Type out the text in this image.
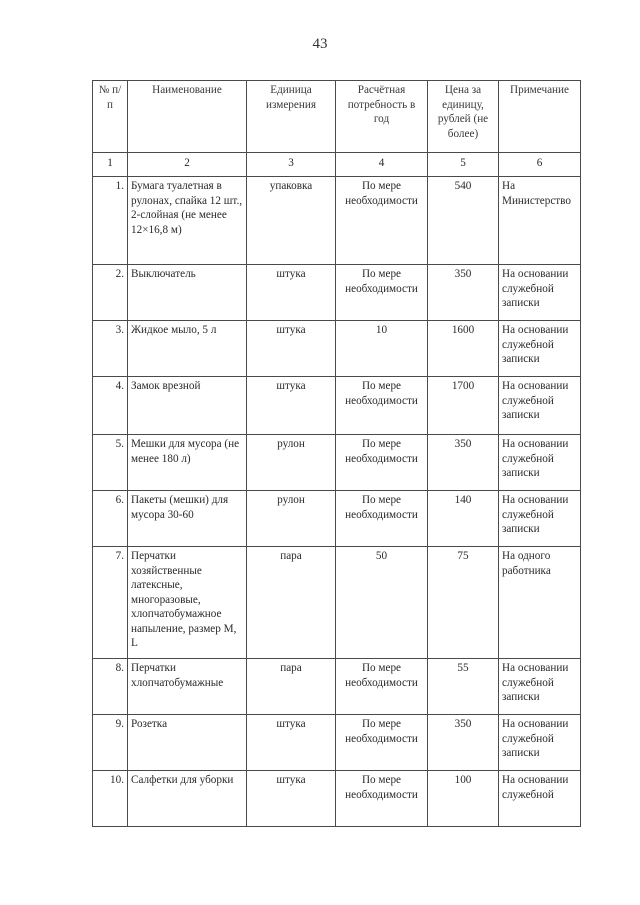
43
№ п/п	Наименование	Единица измерения	Расчётная потребность в год	Цена за единицу, рублей (не более)	Примечание
1	2	3	4	5	6
1.	Бумага туалетная в рулонах, спайка 12 шт., 2-слойная (не менее 12×16,8 м)	упаковка	По мере необходимости	540	На Министерство
2.	Выключатель	штука	По мере необходимости	350	На основании служебной записки
3.	Жидкое мыло, 5 л	штука	10	1600	На основании служебной записки
4.	Замок врезной	штука	По мере необходимости	1700	На основании служебной записки
5.	Мешки для мусора (не менее 180 л)	рулон	По мере необходимости	350	На основании служебной записки
6.	Пакеты (мешки) для мусора 30-60	рулон	По мере необходимости	140	На основании служебной записки
7.	Перчатки хозяйственные латексные, многоразовые, хлопчатобумажное напыление, размер M, L	пара	50	75	На одного работника
8.	Перчатки хлопчатобумажные	пара	По мере необходимости	55	На основании служебной записки
9.	Розетка	штука	По мере необходимости	350	На основании служебной записки
10.	Салфетки для уборки	штука	По мере необходимости	100	На основании служебной
